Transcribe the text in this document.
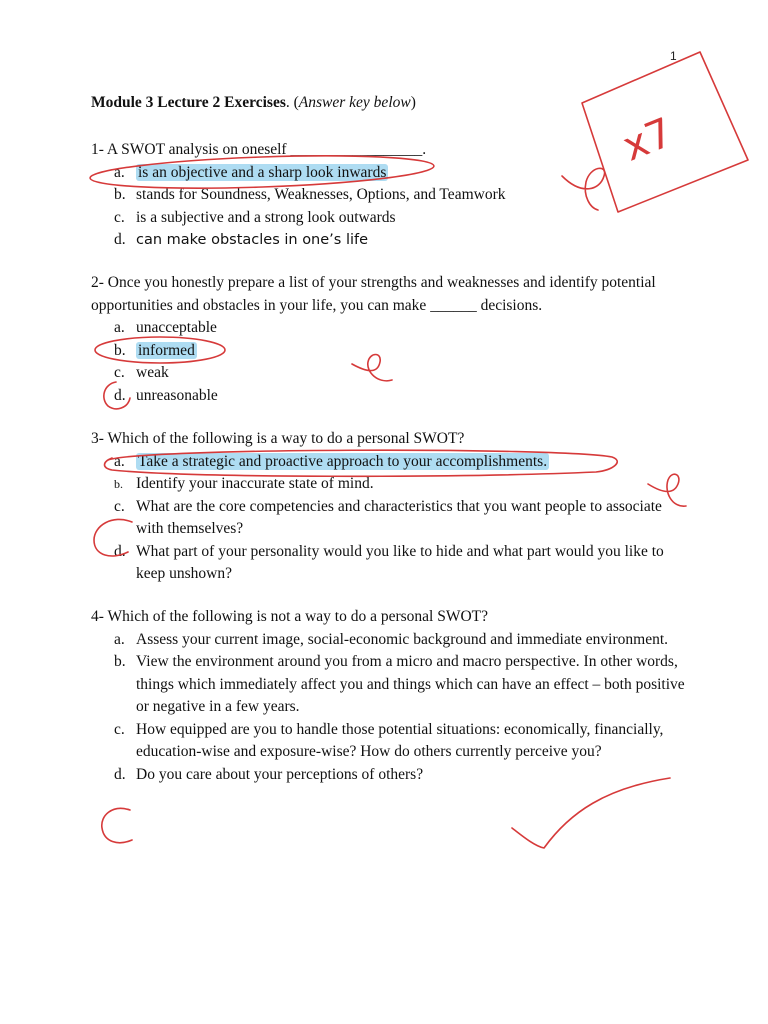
1
Module 3 Lecture 2 Exercises. (Answer key below)

1- A SWOT analysis on oneself _________________.

a. is an objective and a sharp look inwards
b. stands for Soundness, Weaknesses, Options, and Teamwork
c. is a subjective and a strong look outwards
d. can make obstacles in one’s life

2- Once you honestly prepare a list of your strengths and weaknesses and identify potential opportunities and obstacles in your life, you can make ______ decisions.

a. unacceptable
b. informed
c. weak
d. unreasonable

3- Which of the following is a way to do a personal SWOT?

a. Take a strategic and proactive approach to your accomplishments.
b. Identify your inaccurate state of mind.
c. What are the core competencies and characteristics that you want people to associate with themselves?
d. What part of your personality would you like to hide and what part would you like to keep unshown?

4- Which of the following is not a way to do a personal SWOT?

a. Assess your current image, social-economic background and immediate environment.
b. View the environment around you from a micro and macro perspective. In other words, things which immediately affect you and things which can have an effect – both positive or negative in a few years.
c. How equipped are you to handle those potential situations: economically, financially, education-wise and exposure-wise? How do others currently perceive you?
d. Do you care about your perceptions of others?
x7
